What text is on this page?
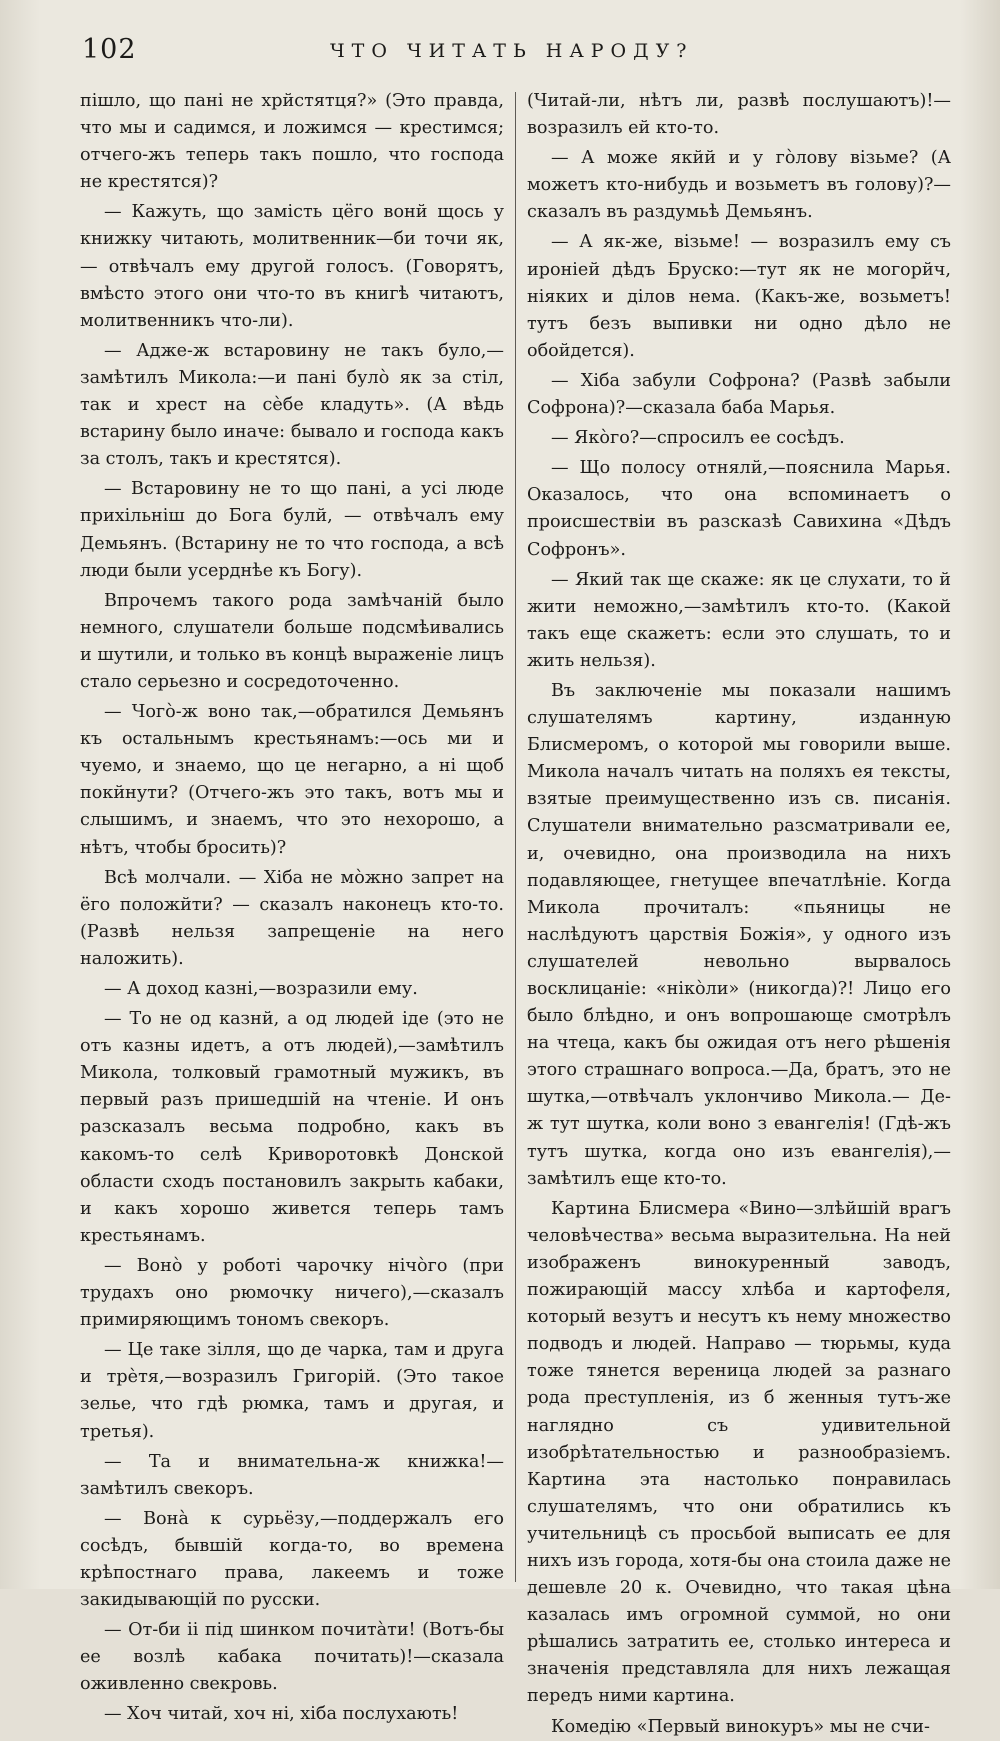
102	ЧТО ЧИТАТЬ НАРОДУ?

пішло, що пані не хрйстятця?» (Это правда, что мы и садимся, и ложимся — крестимся; отчего-жъ теперь такъ пошло, что господа не крестятся)?

— Кажуть, що замість цёго вонй щось у книжку читають, молитвенник—би точи як,— отвѣчалъ ему другой голосъ. (Говорятъ, вмѣсто этого они что-то въ книгѣ читаютъ, молитвенникъ что-ли).

— Адже-ж встаровину не такъ було,—замѣтилъ Микола:—и пані булò як за стіл, так и хрест на сѐбе кладуть». (А вѣдь встарину было иначе: бывало и господа какъ за столъ, такъ и крестятся).

— Встаровину не то що пані, а усі люде прихільніш до Бога булй, — отвѣчалъ ему Демьянъ. (Встарину не то что господа, а всѣ люди были усерднѣе къ Богу).

Впрочемъ такого рода замѣчаній было немного, слушатели больше подсмѣивались и шутили, и только въ концѣ выраженіе лицъ стало серьезно и сосредоточенно.

— Чогò-ж воно так,—обратился Демьянъ къ остальнымъ крестьянамъ:—ось ми и чуемо, и знаемо, що це негарно, а ні щоб покйнути? (Отчего-жъ это такъ, вотъ мы и слышимъ, и знаемъ, что это нехорошо, а нѣтъ, чтобы бросить)?

Всѣ молчали. — Хіба не мòжно запрет на ёго положйти? — сказалъ наконецъ кто-то. (Развѣ нельзя запрещеніе на него наложить).

— А доход казні,—возразили ему.

— То не од казнй, а од людей іде (это не отъ казны идетъ, а отъ людей),—замѣтилъ Микола, толковый грамотный мужикъ, въ первый разъ пришедшій на чтеніе. И онъ разсказалъ весьма подробно, какъ въ какомъ-то селѣ Криворотовкѣ Донской области сходъ постановилъ закрыть кабаки, и какъ хорошо живется теперь тамъ крестьянамъ.

— Вонò у роботі чарочку нічòго (при трудахъ оно рюмочку ничего),—сказалъ примиряющимъ тономъ свекоръ.

— Це таке зілля, що де чарка, там и друга и трѐтя,—возразилъ Григорій. (Это такое зелье, что гдѣ рюмка, тамъ и другая, и третья).

— Та и внимательна-ж книжка!—замѣтилъ свекоръ.

— Вонà к сурьёзу,—поддержалъ его сосѣдъ, бывшій когда-то, во времена крѣпостнаго права, лакеемъ и тоже закидывающій по русски.

— От-би ii під шинком почитàти! (Вотъ-бы ее возлѣ кабака почитать)!—сказала оживленно свекровь.

— Хоч читай, хоч ні, хіба послухають!

(Читай-ли, нѣтъ ли, развѣ послушаютъ)!—возразилъ ей кто-то.

— А може якйй и у гòлову візьме? (А можетъ кто-нибудь и возьметъ въ голову)?—сказалъ въ раздумьѣ Демьянъ.

— А як-же, візьме! — возразилъ ему съ ироніей дѣдъ Бруско:—тут як не могорйч, ніяких и ділов нема. (Какъ-же, возьметъ! тутъ безъ выпивки ни одно дѣло не обойдется).

— Хіба забули Софрона? (Развѣ забыли Софрона)?—сказала баба Марья.

— Якòго?—спросилъ ее сосѣдъ.

— Що полосу отнялй,—пояснила Марья. Оказалось, что она вспоминаетъ о происшествіи въ разсказѣ Савихина «Дѣдъ Софронъ».

— Який так ще скаже: як це слухати, то й жити неможно,—замѣтилъ кто-то. (Какой такъ еще скажетъ: если это слушать, то и жить нельзя).

Въ заключеніе мы показали нашимъ слушателямъ картину, изданную Блисмеромъ, о которой мы говорили выше. Микола началъ читать на поляхъ ея тексты, взятые преимущественно изъ св. писанія. Слушатели внимательно разсматривали ее, и, очевидно, она производила на нихъ подавляющее, гнетущее впечатлѣніе. Когда Микола прочиталъ: «пьяницы не наслѣдуютъ царствія Божія», у одного изъ слушателей невольно вырвалось восклицаніе: «нікòли» (никогда)?! Лицо его было блѣдно, и онъ вопрошающе смотрѣлъ на чтеца, какъ бы ожидая отъ него рѣшенія этого страшнаго вопроса.—Да, братъ, это не шутка,—отвѣчалъ уклончиво Микола.— Де-ж тут шутка, коли воно з евангелія! (Гдѣ-жъ тутъ шутка, когда оно изъ евангелія),—замѣтилъ еще кто-то.

Картина Блисмера «Вино—злѣйшій врагъ человѣчества» весьма выразительна. На ней изображенъ винокуренный заводъ, пожирающій массу хлѣба и картофеля, который везутъ и несутъ къ нему множество подводъ и людей. Направо — тюрьмы, куда тоже тянется вереница людей за разнаго рода преступленія, из б женныя тутъ-же наглядно съ удивительной изобрѣтательностью и разнообразіемъ. Картина эта настолько понравилась слушателямъ, что они обратились къ учительницѣ съ просьбой выписать ее для нихъ изъ города, хотя-бы она стоила даже не дешевле 20 к. Очевидно, что такая цѣна казалась имъ огромной суммой, но они рѣшались затратить ее, столько интереса и значенія представляла для нихъ лежащая передъ ними картина.

Комедію «Первый винокуръ» мы не счи-
